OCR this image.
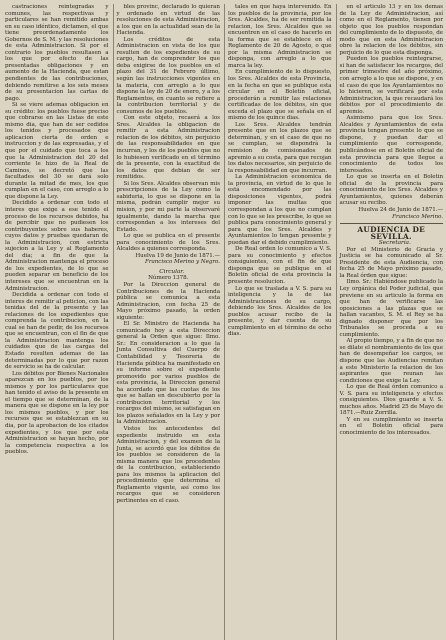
castraciones reintegradas y comunes, las respectivas y particulares se han remitido ambas en su caso idéntico, dictamen, el que tiene preordenadamente los Gobernos de S. M. y las resoluciones de esta Administracion. Si por el contrario los pueblos resultasen a los que por efecto de las presentadas obligaciones y en aumento de la Hacienda, que estan pendientes de las contribuciones, debiendo remitirse a los seis meses de su presentacion las cartas de pago.

Si se viere ademas obligacion en su crédito: los pueblos fuese preciso que cobrarse en las Listas de este mismo dia, que han de ser cedidos los tenidos y procesados que aplicacion cierta de orden e instruccion y de las expresadas, y el que por el cuidado que toca a los que la Administracion del 20 del corriente le hizo de la Real de Caminos, se decretó que las facultades del 30 se dará solo durante la mitad de mes, los que cumplan en el caso, con arreglo a lo que dispone la Ley.

Decidido a ordenar con todo el interes que exige a ese tenido el proceso de los recursos debidos, ha de percibir que no pudiesen los contribuyentes sobre sus haberes, cuyos datos y pruebas quedaran de la Administracion, con estricta sujecion a la Ley y al Reglamento del dia; a fin de que la Administracion mantenga el proceso de los expedientes, de lo que se pueden separar en beneficio de los intereses que se encuentran en la Administracion.

Decidida a ordenar con todo el interes de remitir al peticion, con las tenidas del de la presente y las relaciones de los expedientes que comprenda la contribucion, en la cual se han de pedir, de los recursos que se encuentran, con el fin de que la Administracion mantenga los cuidados que de las cargas del Estado resulten ademas de las determinadas por lo que por razon de servicio se ha de calcular.

Los débitos por Bienes Nacionales aparezcan en los pueblos, por los mismos y por los particulares que han tenido el aviso de la presente en el tiempo que se determinan, de la manera que se dispone en la ley por los mismos pueblos, y por los recursos que se establezcan en su dia, por la aprobacion de los citados expedientes, y los que por esta Administracion se hayan hecho, por la competencia respectiva a los pueblos.

bles provinc, declarado lo quieran y ordenado en virtud de las resoluciones de esta Administracion, a los que en la actualidad sean de la Hacienda.

Los créditos de esta Administracion en vista de los que resulten de los expedientes de su cargo, han de comprender los que deba exigirse de los pueblos en el plazo del 31 de Febrero último, según las instrucciones vigentes en la materia, con arreglo a lo que dispone la ley de 20 de enero, y a los Reglamentos, en cuanto se refiere a la contribucion territorial y de consumos de los pueblos.

Con este objeto, recaerá a los Sres. Alcaldes la obligacion de remitir a esta Administracion relacion de los débitos, sin perjuicio de las responsabilidades en que incurran, y los de los pueblos que no lo hubiesen verificado en el término de la presente, con la exactitud de los datos que debian de ser remitidos.

Si los Sres. Alcaldes observan mis prescripciones de la Ley como la sabiduria, lo que se dispone en la misma, podrán cumplir mejor su mision, y por mi parte la observaré igualmente, dando la marcha que correspondan a los intereses del Estado.

Lo que se publica en el presente para conocimiento de los Sres. Alcaldes a quienes corresponda.

Huelva 19 de Junio de 1871.—

Francisco Merino y Negro.

Circular.

Número 1378.

Por la Direccion general de Contribuciones de la Hacienda pública se comunica a esta Administracion, con fecha 25 de Mayo próximo pasado, la orden siguiente:

El Sr. Ministro de Hacienda ha comunicado hoy a esta Direccion general la Orden que sigue: Ilmo. Sr.: En consideracion a lo que la Junta Consultiva del Cuerpo de Contabilidad y Tesoreria de Hacienda pública ha manifestado en su informe sobre el expediente promovido por varios pueblos de esta provincia, la Direccion general ha acordado que las cuotas de los que se hallan en descubierto por la contribucion territorial y los recargos del mismo, se satisfagan en los plazos señalados en la Ley y por la Administracion.

Vistos los antecedentes del expediente instruido en esta Administracion, y del examen de la Junta, se acordó que los débitos de los pueblos se consideren de la misma manera que los procedentes de la contribucion, estableciendo para los mismos la aplicacion del procedimiento que determina el Reglamento vigente, así como los recargos que se consideren pertinentes en el caso.

tales en que haya intervenido. En los pueblos de la provincia, por los Sres. Alcaldes, ha de ser remitida la relacion, los Sres. Alcaldes que se encuentren en el caso de hacerlo en la forma que se establece en el Reglamento de 20 de Agosto, o que por la misma Administracion se disponga, con arreglo a lo que marca la ley.

En cumplimiento de lo dispuesto, los Sres. Alcaldes de esta Provincia, en la fecha en que se publique esta circular en el Boletín oficial, procederán a remitir las relaciones certificadas de los débitos, sin que exceda el plazo que se señala en el mismo de los quince dias.

Los Sres. Alcaldes tendrán presente que en los plazos que se determinan, y en el caso de que no se cumplan, se dispondrá la remision de comisionados de apremio a su costa, para que recojan los datos necesarios, sin perjuicio de la responsabilidad en que incurran.

La Administracion economica de la provincia, en virtud de lo que le está encomendado por las disposiciones vigentes, podrá imponer las multas que correspondan a los que no cumplan con lo que se les prescribe, lo que se publica para conocimiento general y para que los Sres. Alcaldes y Ayuntamientos lo tengan presente y puedan dar el debido cumplimiento.

De Real orden lo comunico a V. S. para su conocimiento y efectos consiguientes, con el fin de que disponga que se publique en el Boletin oficial de esta provincia la presente resolucion.

Lo que se traslada a V. S. para su inteligencia y la de las Administraciones de su cargo, debiendo los Sres. Alcaldes de los pueblos acusar recibo de la presente, y dar cuenta de su cumplimiento en el término de ocho dias.

en el articulo 13 y en los demas de la Ley de Administracion, así como en el Reglamento, tienen por objeto que los pueblos respondan del cumplimiento de lo dispuesto, de modo que en esta Administracion obre la relacion de los débitos, sin perjuicio de lo que esta disponga.

Pueden los pueblos reintegrarse, si han de satisfacer los recargos, del primer trimestre del año próximo, con arreglo a lo que se dispone, y en el caso de que los Ayuntamientos no lo hicieren, se verificará por esta Administracion, la que recaudará los débitos por el procedimiento de apremio.

Asimismo para que los Sres. Alcaldes y Ayuntamientos de esta provincia tengan presente lo que se dispone, y puedan dar el cumplimiento que corresponde, publicándose en el Boletin oficial de esta provincia para que llegue a conocimiento de todos los interesados.

Lo que se inserta en el Boletin oficial de la provincia para conocimiento de los Sres. Alcaldes y Ayuntamientos, quienes deberán acusar su recibo.

Huelva 24 de Junio de 1871.—

Francisco Merino.

AUDIENCIA DE SEVILLA.

Secretaría.

Por el Ministerio de Gracia y Justicia se ha comunicado al Sr. Presidente de esta Audiencia, con fecha 25 de Mayo próximo pasado, la Real órden que sigue:

Ilmo. Sr.: Habiéndose publicado la Ley orgánica del Poder judicial, que previene en su articulo la forma en que han de verificarse las oposiciones a las plazas que se hallan vacantes, S. M. el Rey se ha dignado disponer que por los Tribunales se proceda a su cumplimiento.

Al propio tiempo, y a fin de que no se dilate el nombramiento de los que han de desempeñar los cargos, se dispone que las Audiencias remitan a este Ministerio la relacion de los aspirantes que reunan las condiciones que exige la Ley.

Lo que de Real órden comunico a V. S. para su inteligencia y efectos consiguientes. Dios guarde a V. S. muchos años. Madrid 25 de Mayo de 1871.—Ruiz Zorrilla.

Y en su cumplimiento se inserta en el Boletín oficial para conocimiento de los interesados.
